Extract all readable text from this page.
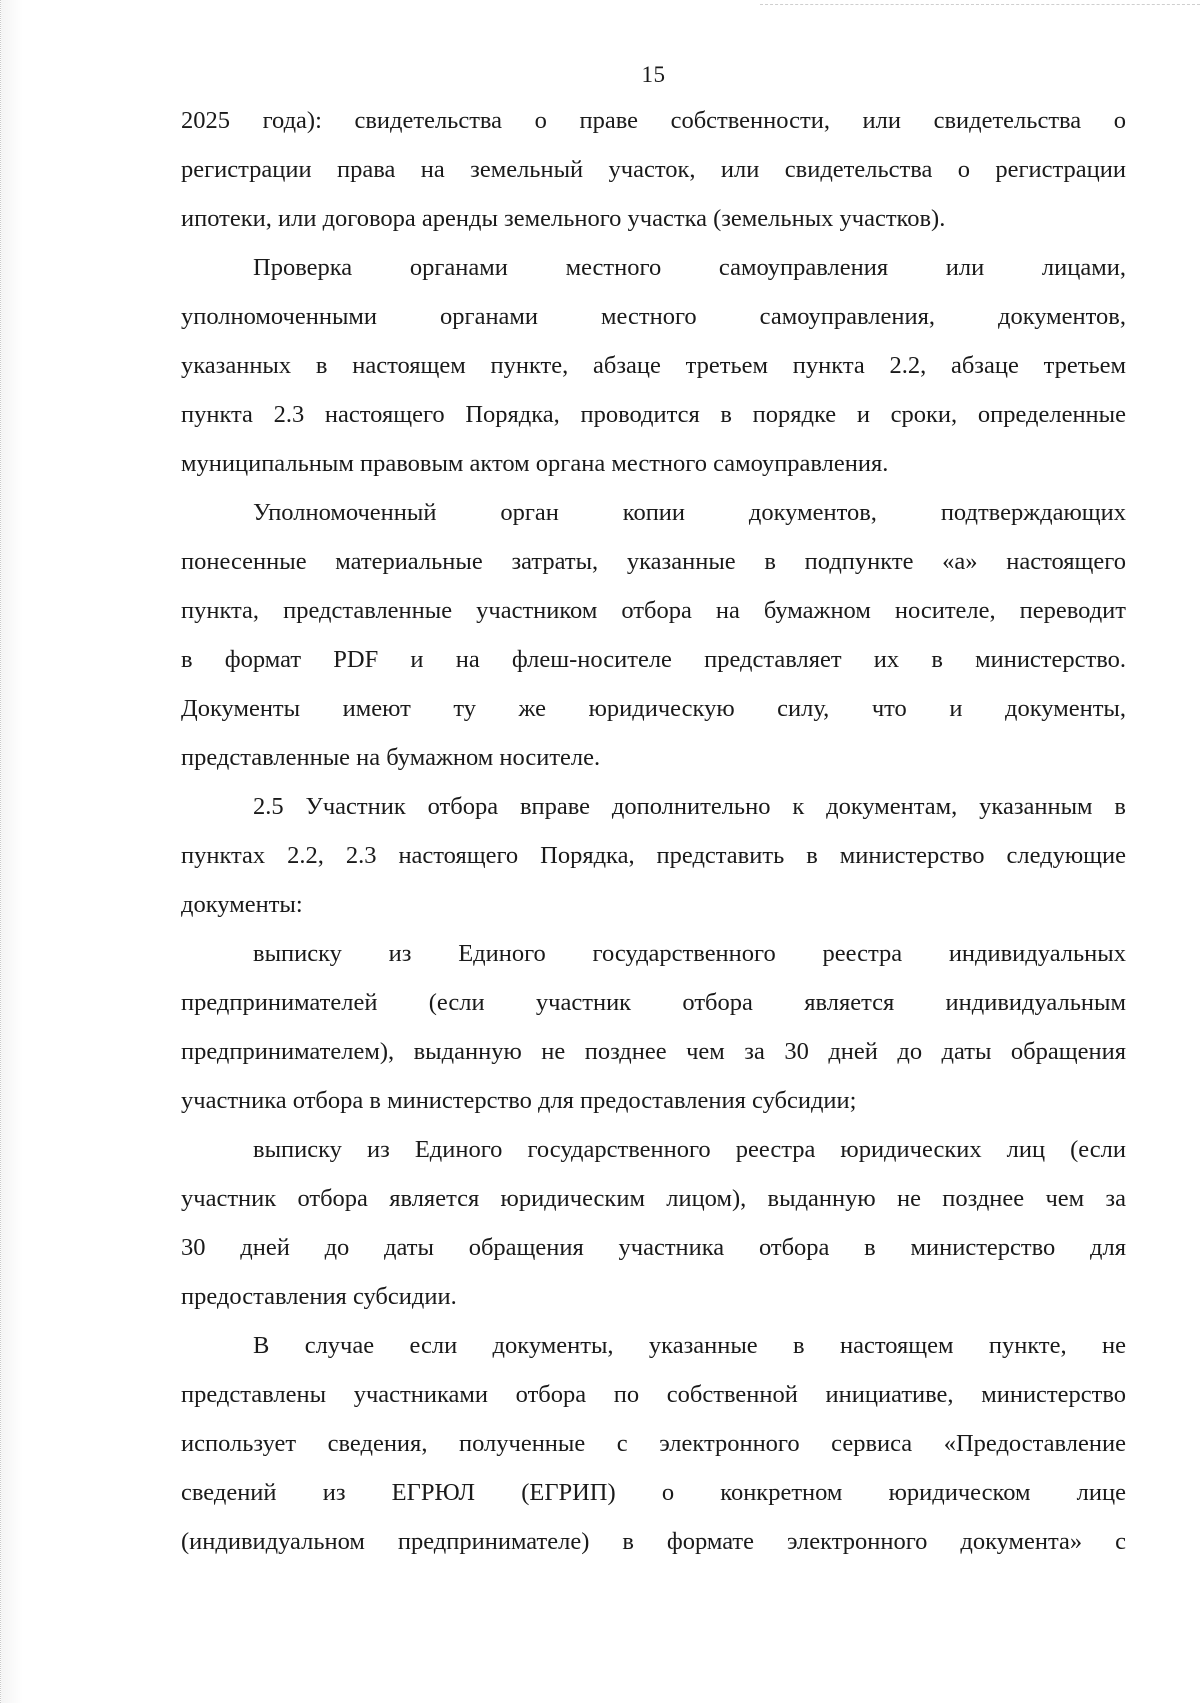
15
2025 года): свидетельства о праве собственности, или свидетельства о
регистрации права на земельный участок, или свидетельства о регистрации
ипотеки, или договора аренды земельного участка (земельных участков).
Проверка органами местного самоуправления или лицами,
уполномоченными органами местного самоуправления, документов,
указанных в настоящем пункте, абзаце третьем пункта 2.2, абзаце третьем
пункта 2.3 настоящего Порядка, проводится в порядке и сроки, определенные
муниципальным правовым актом органа местного самоуправления.
Уполномоченный орган копии документов, подтверждающих
понесенные материальные затраты, указанные в подпункте «а» настоящего
пункта, представленные участником отбора на бумажном носителе, переводит
в формат PDF и на флеш-носителе представляет их в министерство.
Документы имеют ту же юридическую силу, что и документы,
представленные на бумажном носителе.
2.5 Участник отбора вправе дополнительно к документам, указанным в
пунктах 2.2, 2.3 настоящего Порядка, представить в министерство следующие
документы:
выписку из Единого государственного реестра индивидуальных
предпринимателей (если участник отбора является индивидуальным
предпринимателем), выданную не позднее чем за 30 дней до даты обращения
участника отбора в министерство для предоставления субсидии;
выписку из Единого государственного реестра юридических лиц (если
участник отбора является юридическим лицом), выданную не позднее чем за
30 дней до даты обращения участника отбора в министерство для
предоставления субсидии.
В случае если документы, указанные в настоящем пункте, не
представлены участниками отбора по собственной инициативе, министерство
использует сведения, полученные с электронного сервиса «Предоставление
сведений из ЕГРЮЛ (ЕГРИП) о конкретном юридическом лице
(индивидуальном предпринимателе) в формате электронного документа» с
